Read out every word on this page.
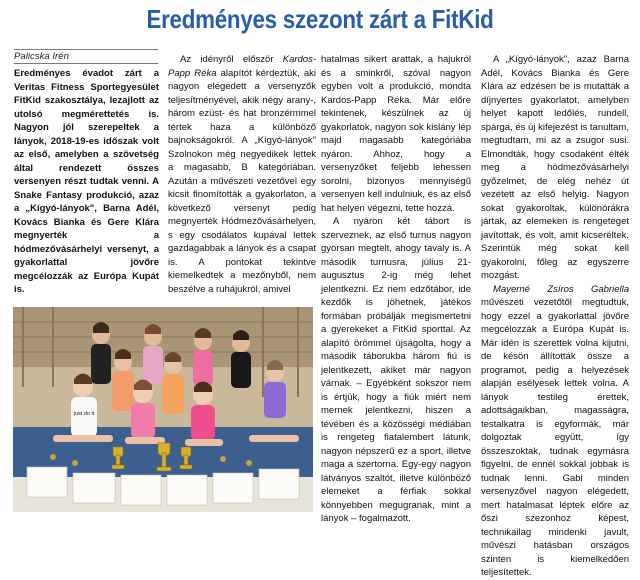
Eredményes szezont zárt a FitKid
Palicska Irén

Eredményes évadot zárt a Veritas Fitness Sportegyesület FitKid szakosztálya, lezajlott az utolsó megmérettetés is. Nagyon jól szerepeltek a lányok, 2018-19-es időszak volt az első, amelyben a szövetség által rendezett összes versenyen részt tudtak venni. A Snake Fantasy produkció, azaz a „Kígyó-lányok", Barna Adél, Kovács Bianka és Gere Klára megnyerték a hódmezővásárhelyi versenyt, a gyakorlattal jövőre megcélozzák az Európa Kupát is.

Az idényről először Kardos-Papp Réka alapítót kérdeztük, aki nagyon elégedett a versenyzők teljesítményével, akik négy arany-, három ezüst- és hat bronzérmmel tértek haza a különböző bajnokságokról. A „Kígyó-lányok" Szolnokon még negyedikek lettek a magasabb, B kategóriában. Azután a művészeti vezetővel egy kicsit finomították a gyakorlaton, a következő versenyt pedig megnyerték Hódmezővásárhelyen, s egy csodálatos kupával lettek gazdagabbak a lányok és a csapat is. A pontokat tekintve kiemelkedtek a mezőnyből, nem beszélve a ruhájukról, amivel

hatalmas sikert arattak, a hajukról és a sminkről, szóval nagyon egyben volt a produkció, mondta Kardos-Papp Réka. Már előre tekintenek, készülnek az új gyakorlatok, nagyon sok kislány lép majd magasabb kategóriába nyáron. Ahhoz, hogy a versenyzőket feljebb lehessen sorolni, bizonyos mennyiségű versenyen kell indulniuk, és az első hat helyen végezni, tette hozzá.

A nyáron két tábort is szerveznek, az első turnus nagyon gyorsan megtelt, ahogy tavaly is. A második turnusra, július 21-augusztus 2-ig még lehet jelentkezni. Ez nem edzőtábor, ide kezdők is jöhetnek, játékos formában próbálják megismertetni a gyerekeket a FitKid sporttal. Az alapító örömmel újságolta, hogy a második táborukba három fiú is jelentkezett, akiket már nagyon várnak. – Egyébként sokszor nem is értjük, hogy a fiúk miért nem mernek jelentkezni, hiszen a tévében és a közösségi médiában is rengeteg fiatalembert látunk, nagyon népszerű ez a sport, illetve maga a szertorna. Egy-egy nagyon látványos szaltót, illetve különböző elemeket a férfiak sokkal könnyebben megugranak, mint a lányok – fogalmazott.

A „Kígyó-lányok", azaz Barna Adél, Kovács Bianka és Gere Klára az edzésen be is mutatták a díjnyertes gyakorlatot, amelyben helyet kapott ledőlés, rundell, spárga, és új kifejezést is tanultam, megtudtam, mi az a zsugor susi. Elmondták, hogy csodaként élték meg a hódmezővásárhelyi győzelmet, de elég nehéz út vezetett az első helyig. Nagyon sokat gyakoroltak, különórákra jártak, az elemeken is rengeteget javítottak, és volt, amit kicseréltek. Szerintük még sokat kell gyakorolni, főleg az egyszerre mozgást.

Mayerné Zsíros Gabriella művészeti vezetőtől megtudtuk, hogy ezzel a gyakorlattal jövőre megcélozzák a Európa Kupát is. Már idén is szerettek volna kijutni, de késön állították össze a programot, pedig a helyezések alapján esélyesek lettek volna. A lányok testileg érettek, adottságaikban, magasságra, testalkatra is egyformák, már dolgoztak együtt, így összeszoktak, tudnak egymásra figyelni, de ennél sokkal jobbak is tudnak lenni. Gabi minden versenyzővel nagyon elégedett, mert hatalmasat léptek előre az őszi szezonhoz képest, technikailag mindenki javult, művészi hatásban országos szinten is kiemelkedően teljesítettek.

just do it
